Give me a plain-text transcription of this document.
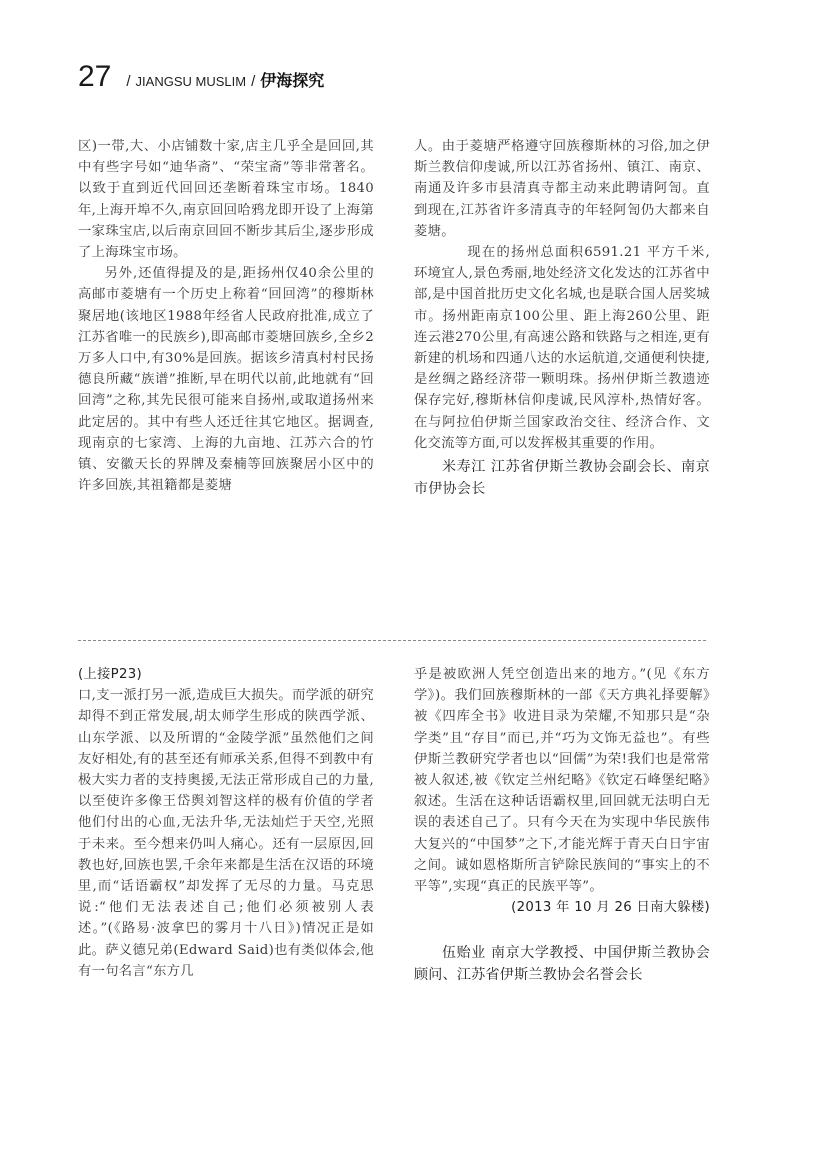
27 / JIANGSU MUSLIM / 伊海探究

区)一带,大、小店铺数十家,店主几乎全是回回,其中有些字号如“迪华斋”、“荣宝斋”等非常著名。以致于直到近代回回还垄断着珠宝市场。1840年,上海开埠不久,南京回回哈鸦龙即开设了上海第一家珠宝店,以后南京回回不断步其后尘,逐步形成了上海珠宝市场。

另外,还值得提及的是,距扬州仅40余公里的高邮市菱塘有一个历史上称着“回回湾”的穆斯林聚居地(该地区1988年经省人民政府批准,成立了江苏省唯一的民族乡),即高邮市菱塘回族乡,全乡2万多人口中,有30%是回族。据该乡清真村村民扬德良所藏“族谱”推断,早在明代以前,此地就有“回回湾”之称,其先民很可能来自扬州,或取道扬州来此定居的。其中有些人还迁往其它地区。据调查,现南京的七家湾、上海的九亩地、江苏六合的竹镇、安徽天长的界牌及秦楠等回族聚居小区中的许多回族,其祖籍都是菱塘

人。由于菱塘严格遵守回族穆斯林的习俗,加之伊斯兰教信仰虔诚,所以江苏省扬州、镇江、南京、南通及许多市县清真寺都主动来此聘请阿訇。直到现在,江苏省许多清真寺的年轻阿訇仍大都来自菱塘。

现在的扬州总面积6591.21 平方千米,环境宜人,景色秀丽,地处经济文化发达的江苏省中部,是中国首批历史文化名城,也是联合国人居奖城市。扬州距南京100公里、距上海260公里、距连云港270公里,有高速公路和铁路与之相连,更有新建的机场和四通八达的水运航道,交通便利快捷,是丝绸之路经济带一颗明珠。扬州伊斯兰教遗迹保存完好,穆斯林信仰虔诚,民风淳朴,热情好客。在与阿拉伯伊斯兰国家政治交往、经济合作、文化交流等方面,可以发挥极其重要的作用。

米寿江 江苏省伊斯兰教协会副会长、南京市伊协会长

(上接P23)

口,支一派打另一派,造成巨大损失。而学派的研究却得不到正常发展,胡太师学生形成的陕西学派、山东学派、以及所谓的“金陵学派”虽然他们之间友好相处,有的甚至还有师承关系,但得不到教中有极大实力者的支持奥援,无法正常形成自己的力量,以至使许多像王岱舆刘智这样的极有价值的学者他们付出的心血,无法升华,无法灿烂于天空,光照于未来。至今想来仍叫人痛心。还有一层原因,回教也好,回族也罢,千余年来都是生活在汉语的环境里,而“话语霸权”却发挥了无尽的力量。马克思说:“他们无法表述自己;他们必须被别人表述。”(《路易·波拿巴的雾月十八日》)情况正是如此。萨义德兄弟(Edward Said)也有类似体会,他有一句名言“东方几

乎是被欧洲人凭空创造出来的地方。”(见《东方学》)。我们回族穆斯林的一部《天方典礼择要解》被《四库全书》收进目录为荣耀,不知那只是“杂学类”且“存目”而已,并“巧为文饰无益也”。有些伊斯兰教研究学者也以“回儒”为荣!我们也是常常被人叙述,被《钦定兰州纪略》《钦定石峰堡纪略》叙述。生活在这种话语霸权里,回回就无法明白无误的表述自己了。只有今天在为实现中华民族伟大复兴的“中国梦”之下,才能光辉于青天白日宇宙之间。诚如恩格斯所言铲除民族间的“事实上的不平等”,实现“真正的民族平等”。

(2013 年 10 月 26 日南大躲楼)

伍贻业 南京大学教授、中国伊斯兰教协会顾问、江苏省伊斯兰教协会名誉会长
